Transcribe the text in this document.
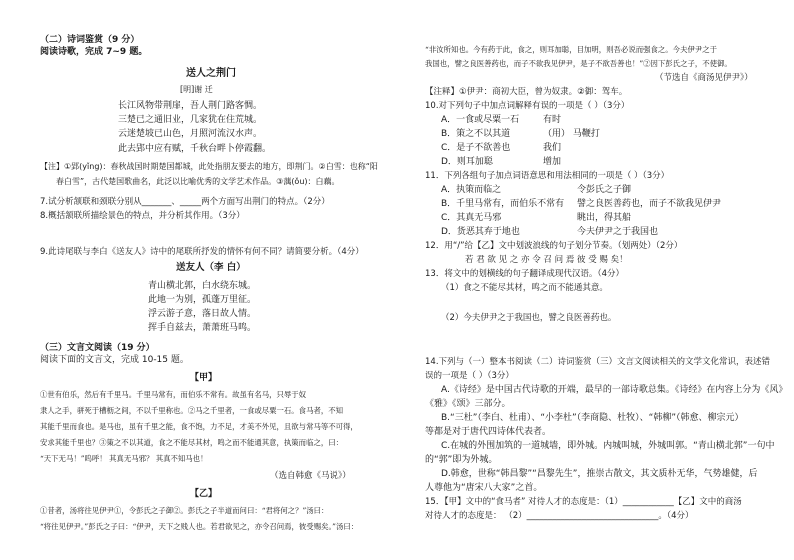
（二）诗词鉴赏（9 分）
阅读诗歌，完成 7~9 题。
送人之荆门
[明]谢 迁
长江风物带荆扉，吾人荆门路客惆。
三楚已之通旧业，几家犹在住荒城。
云迷楚坡已山色，月照河流汉水声。
此去郢中应有赋，千秋台畔卜停霞翻。
【注】①郢(yǐng)：春秋战国时期楚国都城，此处指朋友要去的地方，即荆门。②白雪：也称“阳
春白雪”，古代楚国歌曲名，此泛以比喻优秀的文学艺术作品。③蕅(ǒu)：白藕。
7.试分析颔联和颈联分别从_______、_____两个方面写出荆门的特点。（2分）
8.概括颔联所描绘景色的特点，并分析其作用。（3分）
9.此诗尾联与李白《送友人》诗中的尾联所抒发的情怀有何不同？请简要分析。（4分）
送友人（李 白）
青山横北郭，白水绕东城。
此地一为别，孤蓬万里征。
浮云游子意，落日故人情。
挥手自兹去，萧萧班马鸣。
（三）文言文阅读（19 分）
阅读下面的文言文，完成 10-15 题。
【甲】
①世有伯乐，然后有千里马。千里马常有，而伯乐不常有。故虽有名马，只辱于奴
隶人之手，骈死于槽枥之间，不以千里称也。②马之千里者，一食或尽粟一石。食马者，不知
其能千里而食也。是马也，虽有千里之能，食不饱，力不足，才美不外见，且欲与常马等不可得，
安求其能千里也？③策之不以其道，食之不能尽其材，鸣之而不能通其意，执策而临之，曰：
“天下无马！”呜呼！ 其真无马邪？ 其真不知马也！
（选自韩愈《马说》）
【乙】
①昔者，汤将往见伊尹①，令彭氏之子御②。彭氏之子半道而问曰：“君将何之？”汤曰：
“将往见伊尹。”彭氏之子曰：“伊尹，天下之贱人也。若君欲见之，亦令召问焉，彼受赐矣。”汤曰：
“非汝所知也。今有药于此，食之，则耳加聪，目加明，则吾必说而强食之。今夫伊尹之于
我国也，譬之良医善药也，而子不欲我见伊尹，是子不欲吾善也！”②因下彭氏之子，不使御。
（节选自《商汤见伊尹》）
【注释】①伊尹：商初大臣，曾为奴隶。②御：驾车。
10.对下列句子中加点词解释有误的一项是（ ）（3分）
A．一食或尽粟一石	有时
B．策之不以其道	（用） 马鞭打
C．是子不欲善也	我们
D．则耳加聪	增加
11．下列各组句子加点词语意思和用法相同的一项是（ ）（3分）
A．执策而临之	令彭氏之子御
B．千里马常有，而伯乐不常有 譬之良医善药也，而子不欲我见伊尹
C．其真无马邪	眺出，得其船
D．货恶其弃于地也	今夫伊尹之于我国也
12．用“/”给【乙】文中划波浪线的句子划分节奏。（划两处）（2分）
若 君 欲 见 之 亦 令 召 问 焉 彼 受 赐 矣！
13．将文中的划横线的句子翻译成现代汉语。（4分）
（1）食之不能尽其材，鸣之而不能通其意。
（2）今夫伊尹之于我国也，譬之良医善药也。
14.下列与（一）整本书阅读（二）诗词鉴赏（三）文言文阅读相关的文学文化常识，表述错
误的一项是（ ）（3分）
A.《诗经》是中国古代诗歌的开端，最早的一部诗歌总集。《诗经》在内容上分为《风》
《雅》《颂》三部分。
B.“三杜”（李白、杜甫）、“小李杜”（李商隐、杜牧）、“韩柳”（韩愈、柳宗元）
等都是对于唐代四诗体代表者。
C.在城的外围加筑的一道城墙，即外城。内城叫城，外城叫郭。“青山横北郭”一句中
的“郭”即为外城。
D.韩愈，世称“韩昌黎”“昌黎先生”，推崇古散文，其文质朴无华，气势雄健，后
人尊他为“唐宋八大家”之首。
15．【甲】文中的“食马者” 对待人才的态度是：（1）____________【乙】文中的商汤
对待人才的态度是： （2）_______________________________。（4分）
